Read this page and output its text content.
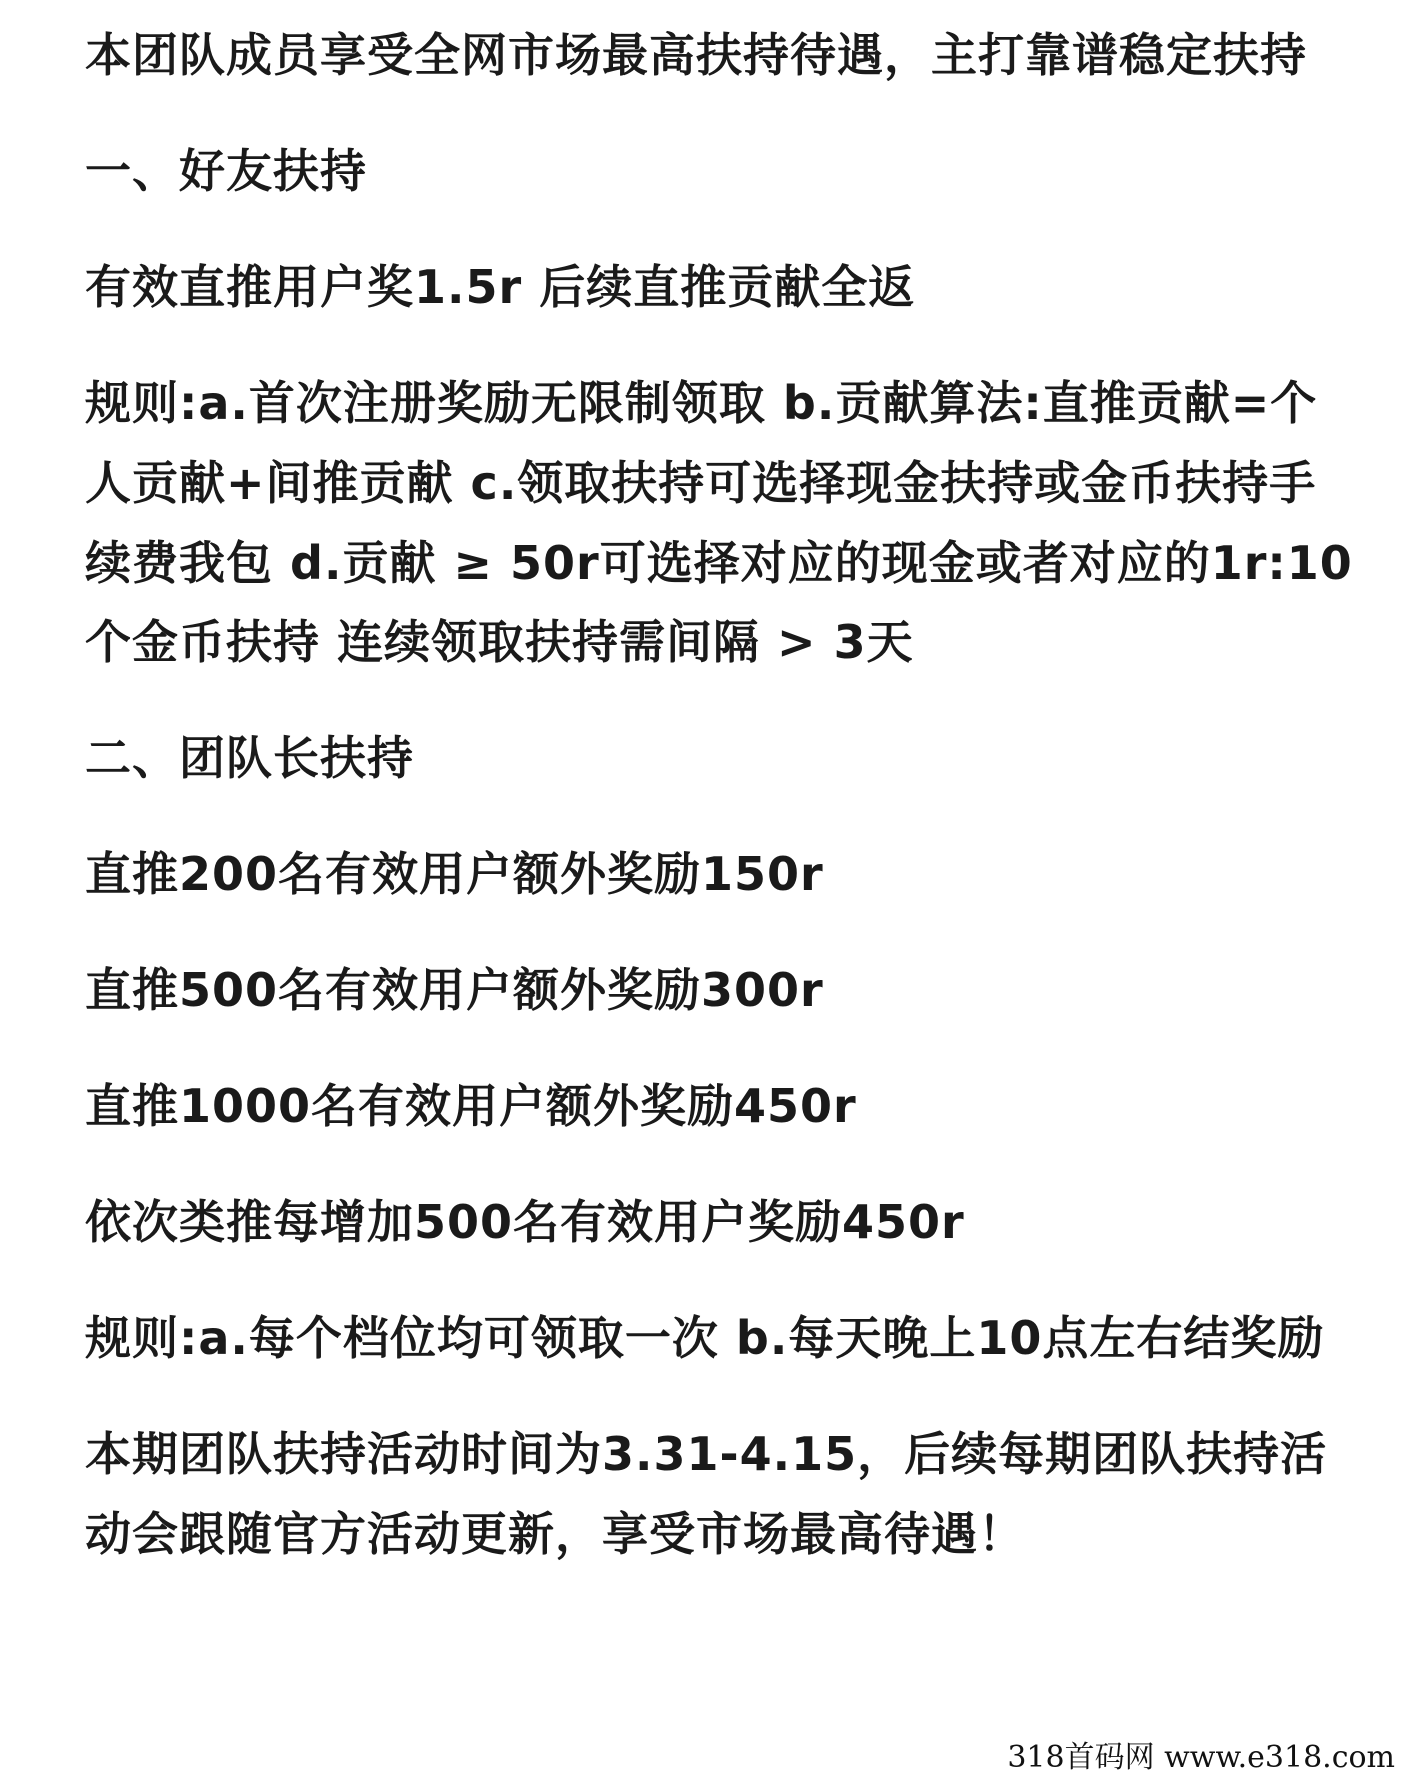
本团队成员享受全网市场最高扶持待遇，主打靠谱稳定扶持
一、好友扶持
有效直推用户奖1.5r 后续直推贡献全返
规则:a.首次注册奖励无限制领取 b.贡献算法:直推贡献=个
人贡献+间推贡献 c.领取扶持可选择现金扶持或金币扶持手
续费我包 d.贡献 ≥ 50r可选择对应的现金或者对应的1r:10
个金币扶持 连续领取扶持需间隔 > 3天
二、团队长扶持
直推200名有效用户额外奖励150r
直推500名有效用户额外奖励300r
直推1000名有效用户额外奖励450r
依次类推每增加500名有效用户奖励450r
规则:a.每个档位均可领取一次 b.每天晚上10点左右结奖励
本期团队扶持活动时间为3.31-4.15，后续每期团队扶持活
动会跟随官方活动更新，享受市场最高待遇！
318首码网 www.e318.com
